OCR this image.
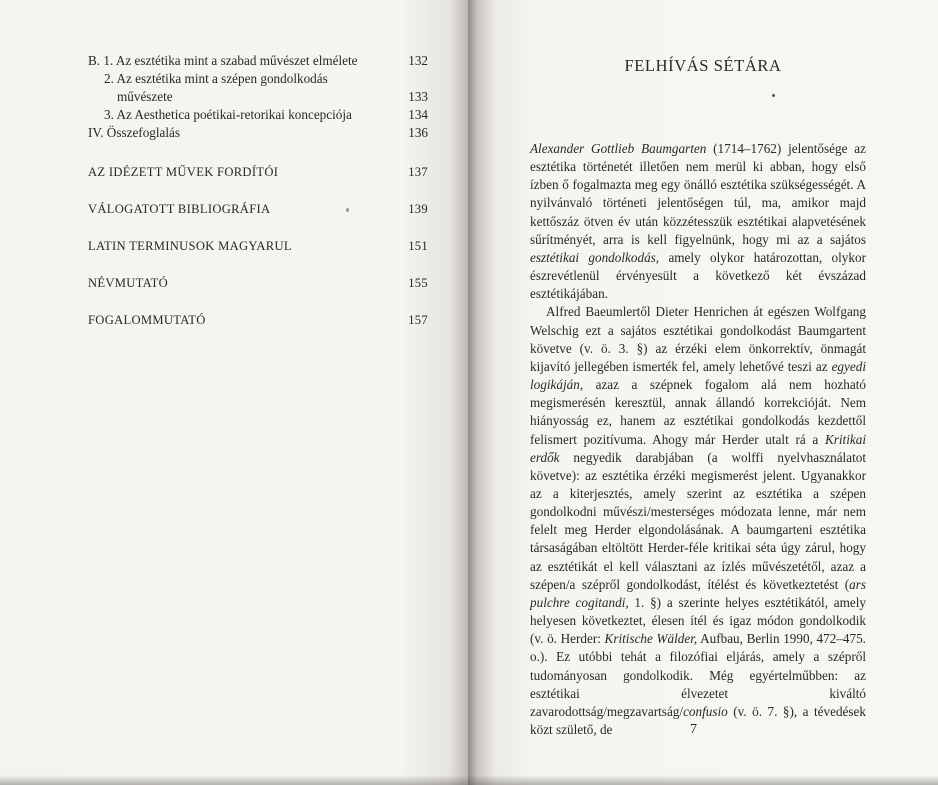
B. 1. Az esztétika mint a szabad művészet elmélete	132
2. Az esztétika mint a szépen gondolkodás
művészete	133
3. Az Aesthetica poétikai-retorikai koncepciója	134
IV. Összefoglalás	136
AZ IDÉZETT MŰVEK FORDÍTÓI	137
VÁLOGATOTT BIBLIOGRÁFIA	139
LATIN TERMINUSOK MAGYARUL	151
NÉVMUTATÓ	155
FOGALOMMUTATÓ	157
FELHÍVÁS SÉTÁRA

Alexander Gottlieb Baumgarten (1714–1762) jelentősége az esztétika történetét illetően nem merül ki abban, hogy első ízben ő fogalmazta meg egy önálló esztétika szükségességét. A nyilvánvaló történeti jelentőségen túl, ma, amikor majd kettőszáz ötven év után közzétesszük esztétikai alapvetésének sűrítményét, arra is kell figyelnünk, hogy mi az a sajátos esztétikai gondolkodás, amely olykor határozottan, olykor észrevétlenül érvényesült a következő két évszázad esztétikájában.

Alfred Baeumlertől Dieter Henrichen át egészen Wolfgang Welschig ezt a sajátos esztétikai gondolkodást Baumgartent követve (v. ö. 3. §) az érzéki elem önkorrektív, önmagát kijavító jellegében ismerték fel, amely lehetővé teszi az egyedi logikáján, azaz a szépnek fogalom alá nem hozható megismerésén keresztül, annak állandó korrekcióját. Nem hiányosság ez, hanem az esztétikai gondolkodás kezdettől felismert pozitívuma. Ahogy már Herder utalt rá a Kritikai erdők negyedik darabjában (a wolffi nyelvhasználatot követve): az esztétika érzéki megismerést jelent. Ugyanakkor az a kiterjesztés, amely szerint az esztétika a szépen gondolkodni művészi/mesterséges módozata lenne, már nem felelt meg Herder elgondolásának. A baumgarteni esztétika társaságában eltöltött Herder-féle kritikai séta úgy zárul, hogy az esztétikát el kell választani az ízlés művészetétől, azaz a szépen/a szépről gondolkodást, ítélést és következtetést (ars pulchre cogitandi, 1. §) a szerinte helyes esztétikától, amely helyesen következtet, élesen ítél és igaz módon gondolkodik (v. ö. Herder: Kritische Wälder, Aufbau, Berlin 1990, 472–475. o.). Ez utóbbi tehát a filozófiai eljárás, amely a szépről tudományosan gondolkodik. Még egyértelműbben: az esztétikai élvezetet kiváltó zavarodottság/megzavartság/confusio (v. ö. 7. §), a tévedések közt születő, de	7
